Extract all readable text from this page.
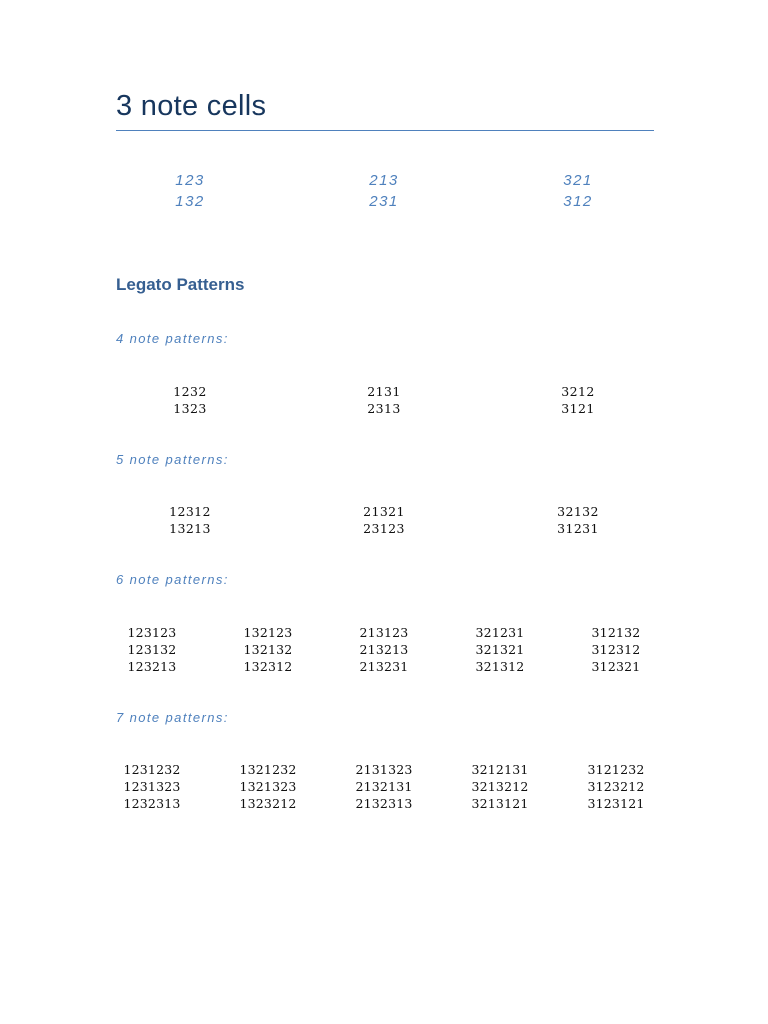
3 note cells
123
132
213
231
321
312
Legato Patterns
4 note patterns:
1232
1323
2131
2313
3212
3121
5 note patterns:
12312
13213
21321
23123
32132
31231
6 note patterns:
123123
123132
123213
132123
132132
132312
213123
213213
213231
321231
321321
321312
312132
312312
312321
7 note patterns:
1231232
1231323
1232313
1321232
1321323
1323212
2131323
2132131
2132313
3212131
3213212
3213121
3121232
3123212
3123121
